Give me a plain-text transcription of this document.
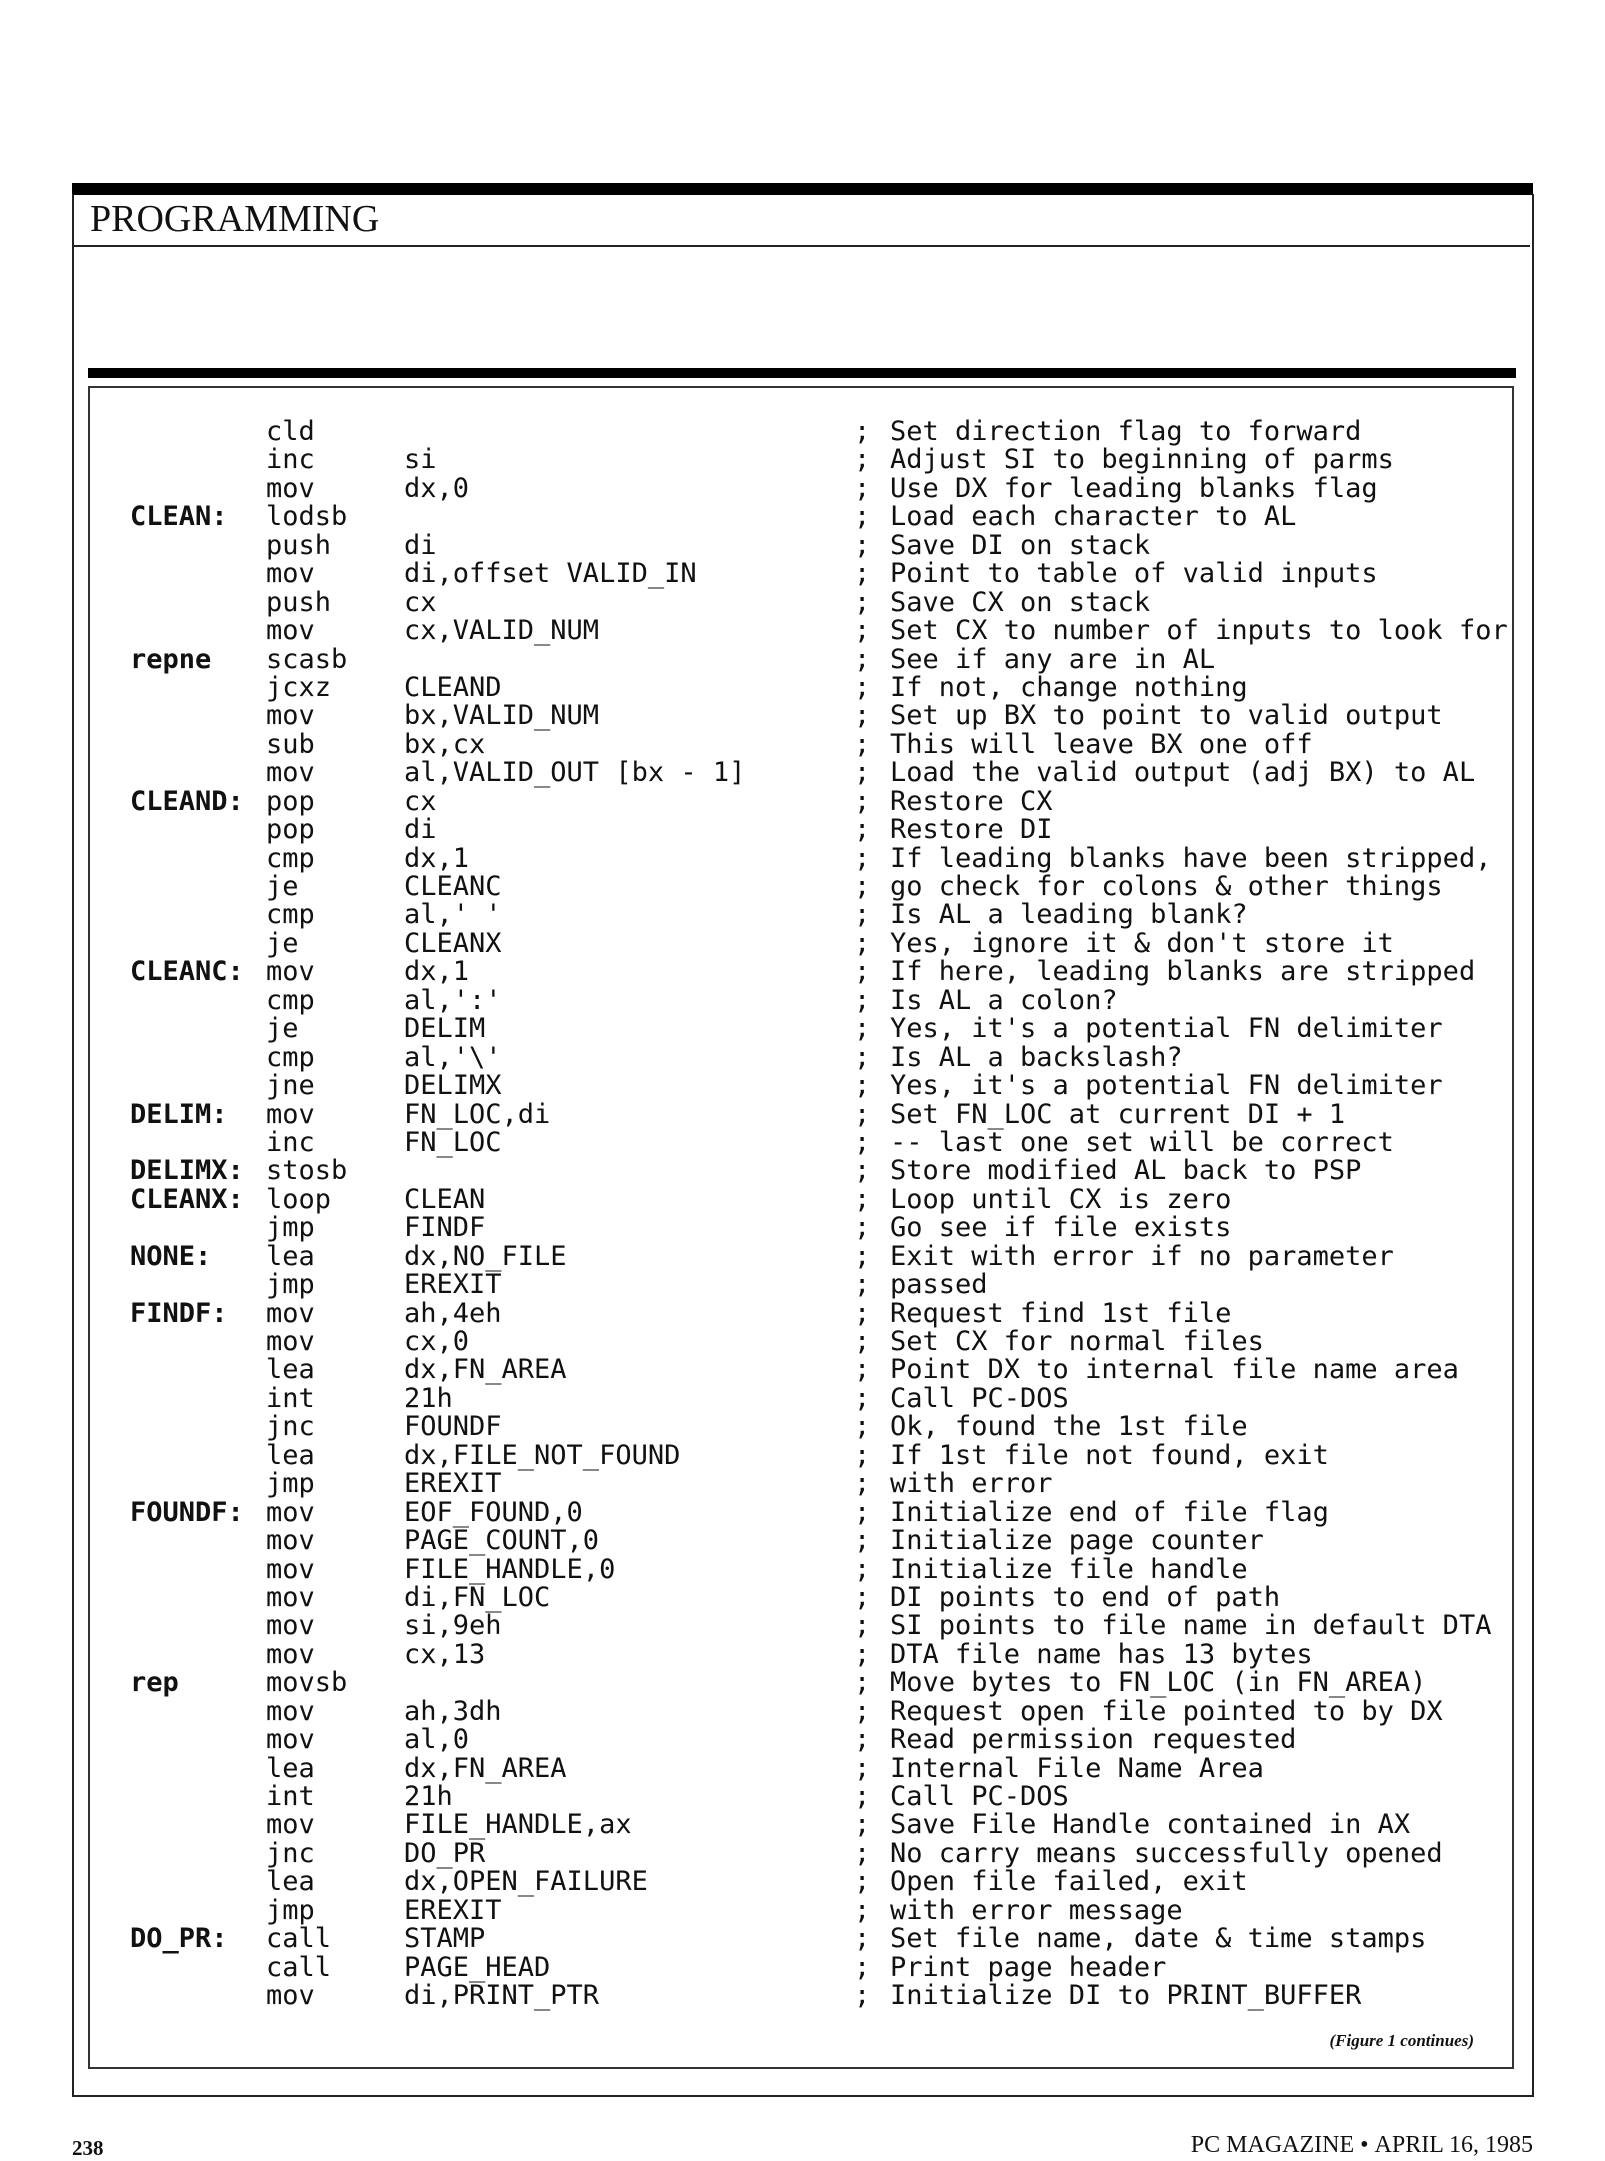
PROGRAMMING
cld	; Set direction flag to forward
inc	si	; Adjust SI to beginning of parms
mov	dx,0	; Use DX for leading blanks flag
CLEAN: lodsb	; Load each character to AL
push	di	; Save DI on stack
mov	di,offset VALID_IN	; Point to table of valid inputs
push	cx	; Save CX on stack
mov	cx,VALID_NUM	; Set CX to number of inputs to look for
repne scasb	; See if any are in AL
jcxz	CLEAND	; If not, change nothing
mov	bx,VALID_NUM	; Set up BX to point to valid output
sub	bx,cx	; This will leave BX one off
mov	al,VALID_OUT [bx - 1]	; Load the valid output (adj BX) to AL
CLEAND: pop	cx	; Restore CX
pop	di	; Restore DI
cmp	dx,1	; If leading blanks have been stripped,
je	CLEANC	; go check for colons & other things
cmp	al,' '	; Is AL a leading blank?
je	CLEANX	; Yes, ignore it & don't store it
CLEANC: mov	dx,1	; If here, leading blanks are stripped
cmp	al,':'	; Is AL a colon?
je	DELIM	; Yes, it's a potential FN delimiter
cmp	al,'\'	; Is AL a backslash?
jne	DELIMX	; Yes, it's a potential FN delimiter
DELIM: mov	FN_LOC,di	; Set FN_LOC at current DI + 1
inc	FN_LOC	; -- last one set will be correct
DELIMX: stosb	; Store modified AL back to PSP
CLEANX: loop	CLEAN	; Loop until CX is zero
jmp	FINDF	; Go see if file exists
NONE: lea	dx,NO_FILE	; Exit with error if no parameter
jmp	EREXIT	; passed
FINDF: mov	ah,4eh	; Request find 1st file
mov	cx,0	; Set CX for normal files
lea	dx,FN_AREA	; Point DX to internal file name area
int	21h	; Call PC-DOS
jnc	FOUNDF	; Ok, found the 1st file
lea	dx,FILE_NOT_FOUND	; If 1st file not found, exit
jmp	EREXIT	; with error
FOUNDF: mov	EOF_FOUND,0	; Initialize end of file flag
mov	PAGE_COUNT,0	; Initialize page counter
mov	FILE_HANDLE,0	; Initialize file handle
mov	di,FN_LOC	; DI points to end of path
mov	si,9eh	; SI points to file name in default DTA
mov	cx,13	; DTA file name has 13 bytes
rep	movsb	; Move bytes to FN_LOC (in FN_AREA)
mov	ah,3dh	; Request open file pointed to by DX
mov	al,0	; Read permission requested
lea	dx,FN_AREA	; Internal File Name Area
int	21h	; Call PC-DOS
mov	FILE_HANDLE,ax	; Save File Handle contained in AX
jnc	DO_PR	; No carry means successfully opened
lea	dx,OPEN_FAILURE	; Open file failed, exit
jmp	EREXIT	; with error message
DO_PR: call	STAMP	; Set file name, date & time stamps
call	PAGE_HEAD	; Print page header
mov	di,PRINT_PTR	; Initialize DI to PRINT_BUFFER
(Figure 1 continues)
238	PC MAGAZINE • APRIL 16, 1985
